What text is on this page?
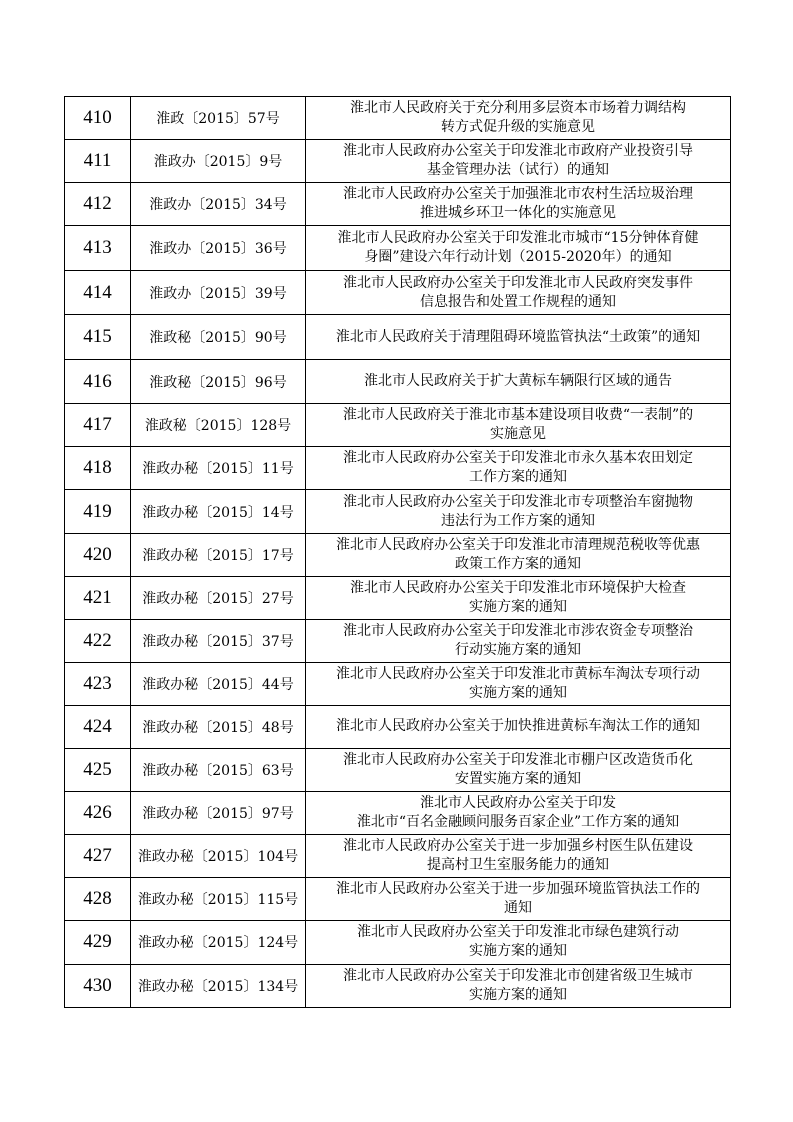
410	淮政〔2015〕57号	淮北市人民政府关于充分利用多层资本市场着力调结构
转方式促升级的实施意见
411	淮政办〔2015〕9号	淮北市人民政府办公室关于印发淮北市政府产业投资引导
基金管理办法（试行）的通知
412	淮政办〔2015〕34号	淮北市人民政府办公室关于加强淮北市农村生活垃圾治理
推进城乡环卫一体化的实施意见
413	淮政办〔2015〕36号	淮北市人民政府办公室关于印发淮北市城市“15分钟体育健
身圈”建设六年行动计划（2015-2020年）的通知
414	淮政办〔2015〕39号	淮北市人民政府办公室关于印发淮北市人民政府突发事件
信息报告和处置工作规程的通知
415	淮政秘〔2015〕90号	淮北市人民政府关于清理阻碍环境监管执法“土政策”的通知
416	淮政秘〔2015〕96号	淮北市人民政府关于扩大黄标车辆限行区域的通告
417	淮政秘〔2015〕128号	淮北市人民政府关于淮北市基本建设项目收费“一表制”的
实施意见
418	淮政办秘〔2015〕11号	淮北市人民政府办公室关于印发淮北市永久基本农田划定
工作方案的通知
419	淮政办秘〔2015〕14号	淮北市人民政府办公室关于印发淮北市专项整治车窗抛物
违法行为工作方案的通知
420	淮政办秘〔2015〕17号	淮北市人民政府办公室关于印发淮北市清理规范税收等优惠
政策工作方案的通知
421	淮政办秘〔2015〕27号	淮北市人民政府办公室关于印发淮北市环境保护大检查
实施方案的通知
422	淮政办秘〔2015〕37号	淮北市人民政府办公室关于印发淮北市涉农资金专项整治
行动实施方案的通知
423	淮政办秘〔2015〕44号	淮北市人民政府办公室关于印发淮北市黄标车淘汰专项行动
实施方案的通知
424	淮政办秘〔2015〕48号	淮北市人民政府办公室关于加快推进黄标车淘汰工作的通知
425	淮政办秘〔2015〕63号	淮北市人民政府办公室关于印发淮北市棚户区改造货币化
安置实施方案的通知
426	淮政办秘〔2015〕97号	淮北市人民政府办公室关于印发
淮北市“百名金融顾问服务百家企业”工作方案的通知
427	淮政办秘〔2015〕104号	淮北市人民政府办公室关于进一步加强乡村医生队伍建设
提高村卫生室服务能力的通知
428	淮政办秘〔2015〕115号	淮北市人民政府办公室关于进一步加强环境监管执法工作的
通知
429	淮政办秘〔2015〕124号	淮北市人民政府办公室关于印发淮北市绿色建筑行动
实施方案的通知
430	淮政办秘〔2015〕134号	淮北市人民政府办公室关于印发淮北市创建省级卫生城市
实施方案的通知
